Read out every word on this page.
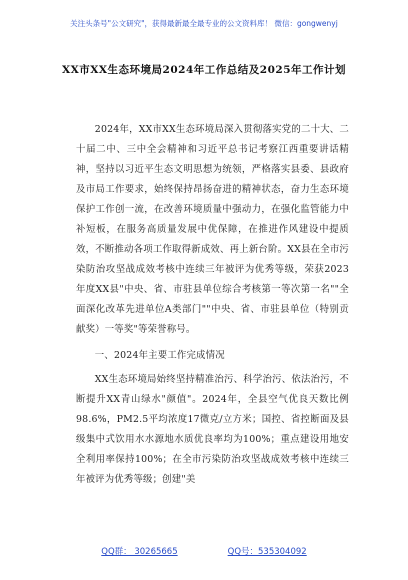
关注头条号"公文研究"，获得最新最全最专业的公文资料库！ 微信：gongwenyj
XX市XX生态环境局2024年工作总结及2025年工作计划

2024年，XX市XX生态环境局深入贯彻落实党的二十大、二十届二中、三中全会精神和习近平总书记考察江西重要讲话精神，坚持以习近平生态文明思想为统领，严格落实县委、县政府及市局工作要求，始终保持昂扬奋进的精神状态，奋力生态环境保护工作创一流，在改善环境质量中强动力，在强化监管能力中补短板，在服务高质量发展中优保障，在推进作风建设中提质效，不断推动各项工作取得新成效、再上新台阶。XX县在全市污染防治攻坚战成效考核中连续三年被评为优秀等级，荣获2023年度XX县"中央、省、市驻县单位综合考核第一等次第一名""全面深化改革先进单位A类部门""中央、省、市驻县单位（特别贡献奖）一等奖"等荣誉称号。

一、2024年主要工作完成情况

XX生态环境局始终坚持精准治污、科学治污、依法治污，不断提升XX青山绿水"颜值"。2024年，全县空气优良天数比例98.6%，PM2.5平均浓度17微克/立方米；国控、省控断面及县级集中式饮用水水源地水质优良率均为100%；重点建设用地安全利用率保持100%；在全市污染防治攻坚战成效考核中连续三年被评为优秀等级；创建"美

QQ群： 30265665	QQ号：535304092
